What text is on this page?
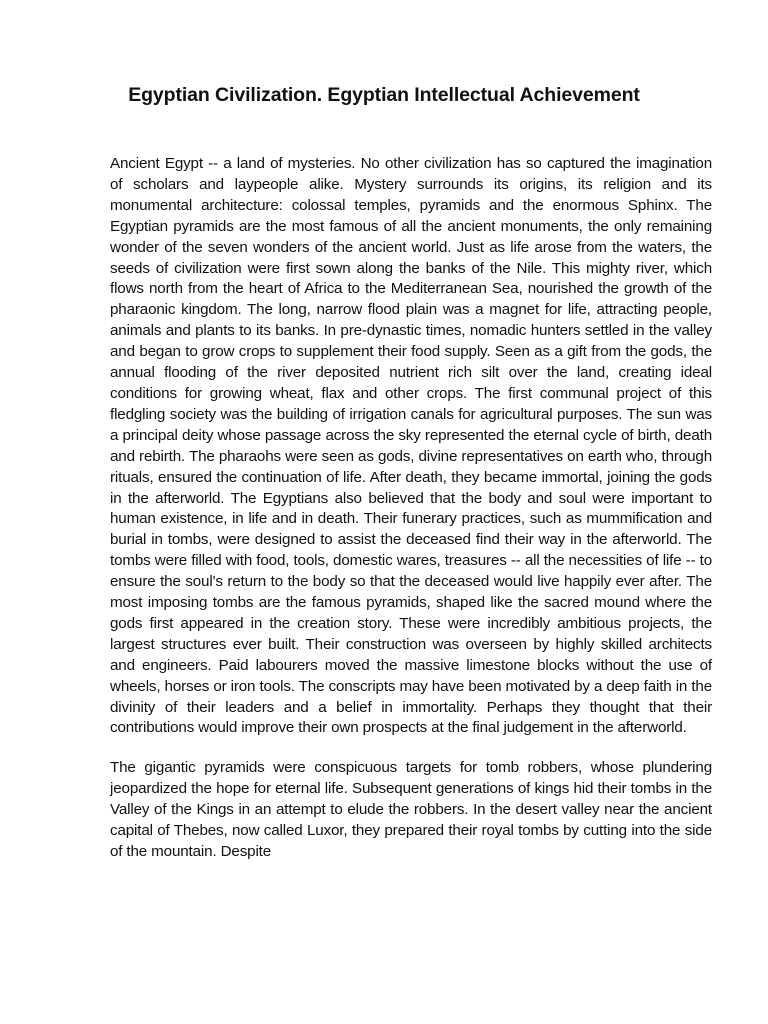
Egyptian Civilization. Egyptian Intellectual Achievement

Ancient Egypt -- a land of mysteries. No other civilization has so captured the imagination of scholars and laypeople alike. Mystery surrounds its origins, its religion and its monumental architecture: colossal temples, pyramids and the enormous Sphinx. The Egyptian pyramids are the most famous of all the ancient monuments, the only remaining wonder of the seven wonders of the ancient world. Just as life arose from the waters, the seeds of civilization were first sown along the banks of the Nile. This mighty river, which flows north from the heart of Africa to the Mediterranean Sea, nourished the growth of the pharaonic kingdom. The long, narrow flood plain was a magnet for life, attracting people, animals and plants to its banks. In pre-dynastic times, nomadic hunters settled in the valley and began to grow crops to supplement their food supply. Seen as a gift from the gods, the annual flooding of the river deposited nutrient rich silt over the land, creating ideal conditions for growing wheat, flax and other crops. The first communal project of this fledgling society was the building of irrigation canals for agricultural purposes. The sun was a principal deity whose passage across the sky represented the eternal cycle of birth, death and rebirth. The pharaohs were seen as gods, divine representatives on earth who, through rituals, ensured the continuation of life. After death, they became immortal, joining the gods in the afterworld. The Egyptians also believed that the body and soul were important to human existence, in life and in death. Their funerary practices, such as mummification and burial in tombs, were designed to assist the deceased find their way in the afterworld. The tombs were filled with food, tools, domestic wares, treasures -- all the necessities of life -- to ensure the soul's return to the body so that the deceased would live happily ever after. The most imposing tombs are the famous pyramids, shaped like the sacred mound where the gods first appeared in the creation story. These were incredibly ambitious projects, the largest structures ever built. Their construction was overseen by highly skilled architects and engineers. Paid labourers moved the massive limestone blocks without the use of wheels, horses or iron tools. The conscripts may have been motivated by a deep faith in the divinity of their leaders and a belief in immortality. Perhaps they thought that their contributions would improve their own prospects at the final judgement in the afterworld.

The gigantic pyramids were conspicuous targets for tomb robbers, whose plundering jeopardized the hope for eternal life. Subsequent generations of kings hid their tombs in the Valley of the Kings in an attempt to elude the robbers. In the desert valley near the ancient capital of Thebes, now called Luxor, they prepared their royal tombs by cutting into the side of the mountain. Despite
